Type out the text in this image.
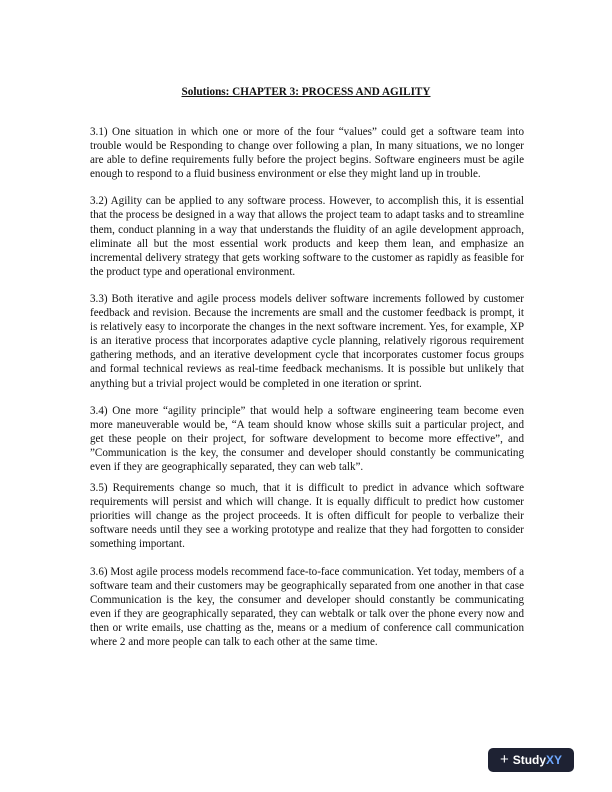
Solutions: CHAPTER 3: PROCESS AND AGILITY

3.1) One situation in which one or more of the four “values” could get a software team into trouble would be Responding to change over following a plan, In many situations, we no longer are able to define requirements fully before the project begins. Software engineers must be agile enough to respond to a fluid business environment or else they might land up in trouble.

3.2) Agility can be applied to any software process. However, to accomplish this, it is essential that the process be designed in a way that allows the project team to adapt tasks and to streamline them, conduct planning in a way that understands the fluidity of an agile development approach, eliminate all but the most essential work products and keep them lean, and emphasize an incremental delivery strategy that gets working software to the customer as rapidly as feasible for the product type and operational environment.

3.3) Both iterative and agile process models deliver software increments followed by customer feedback and revision. Because the increments are small and the customer feedback is prompt, it is relatively easy to incorporate the changes in the next software increment. Yes, for example, XP is an iterative process that incorporates adaptive cycle planning, relatively rigorous requirement gathering methods, and an iterative development cycle that incorporates customer focus groups and formal technical reviews as real-time feedback mechanisms. It is possible but unlikely that anything but a trivial project would be completed in one iteration or sprint.

3.4) One more “agility principle” that would help a software engineering team become even more maneuverable would be, “A team should know whose skills suit a particular project, and get these people on their project, for software development to become more effective”, and ”Communication is the key, the consumer and developer should constantly be communicating even if they are geographically separated, they can web talk”.

3.5) Requirements change so much, that it is difficult to predict in advance which software requirements will persist and which will change. It is equally difficult to predict how customer priorities will change as the project proceeds. It is often difficult for people to verbalize their software needs until they see a working prototype and realize that they had forgotten to consider something important.

3.6) Most agile process models recommend face-to-face communication. Yet today, members of a software team and their customers may be geographically separated from one another in that case Communication is the key, the consumer and developer should constantly be communicating even if they are geographically separated, they can webtalk or talk over the phone every now and then or write emails, use chatting as the, means or a medium of conference call communication where 2 and more people can talk to each other at the same time.

+ StudyXY
